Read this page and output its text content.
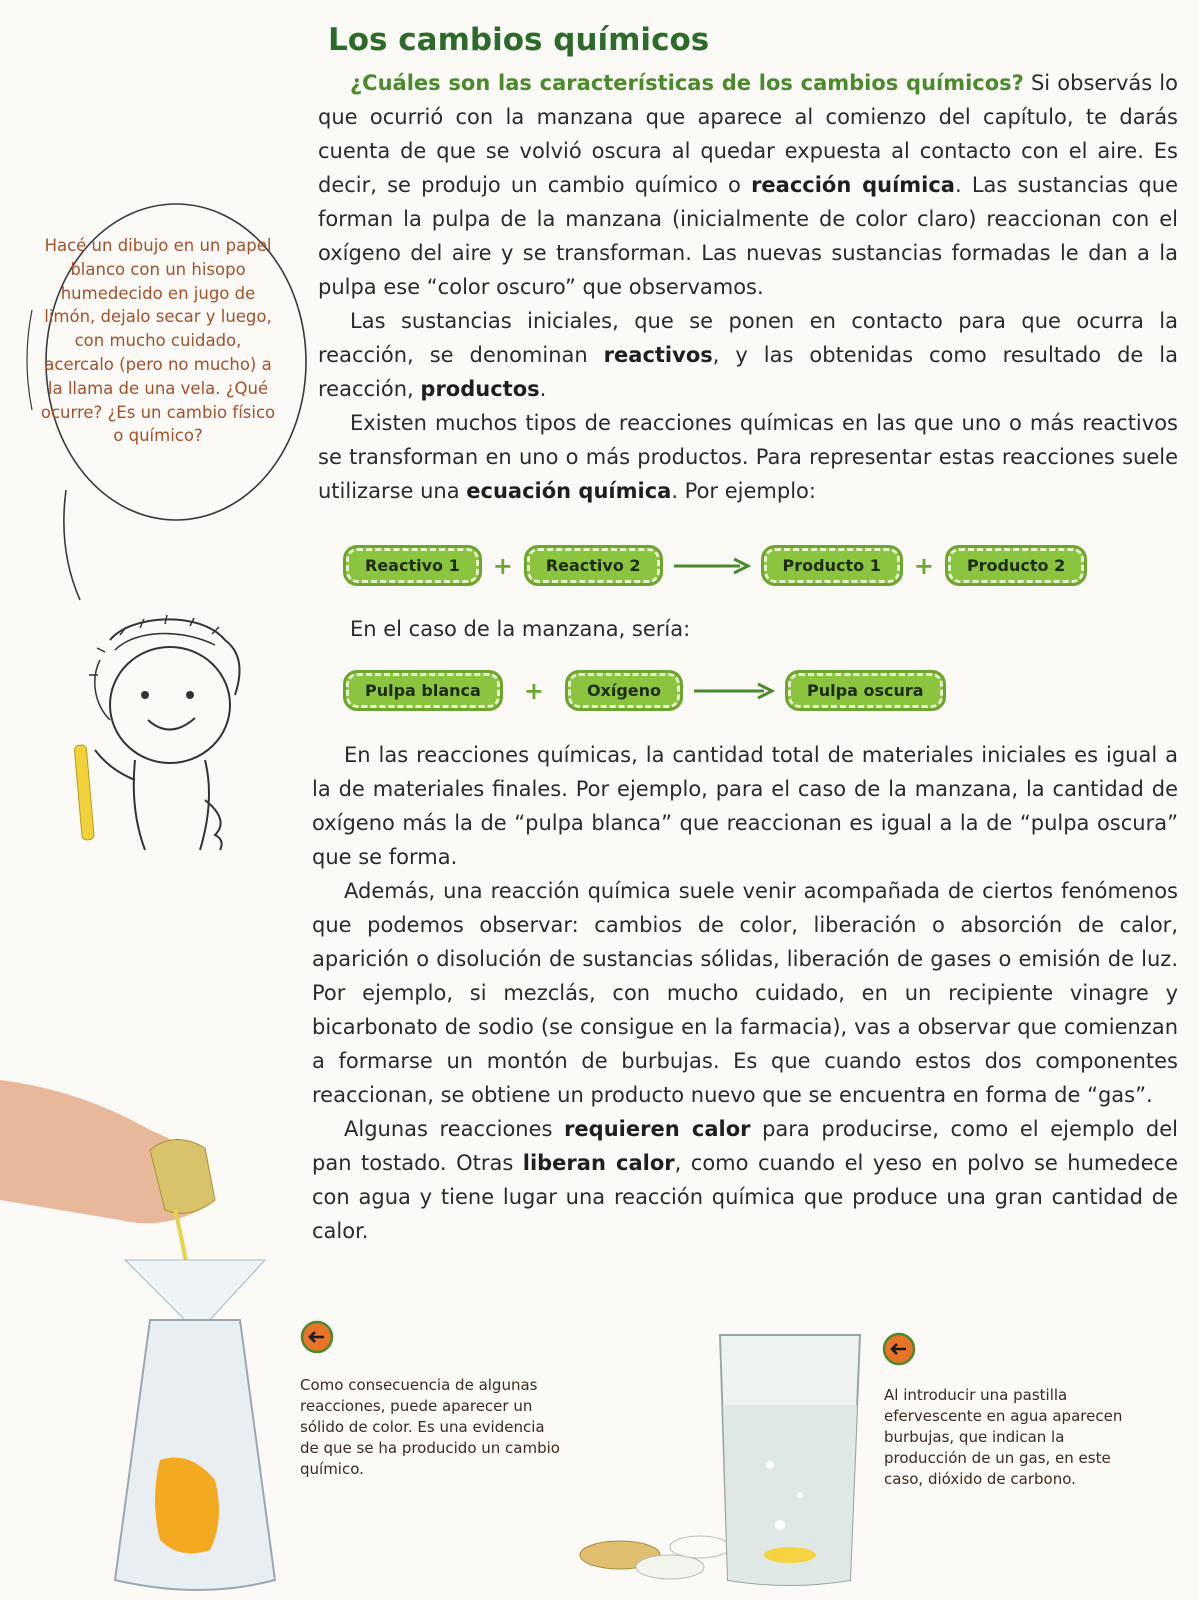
Los cambios químicos

¿Cuáles son las características de los cambios químicos? Si observás lo que ocurrió con la manzana que aparece al comienzo del capítulo, te darás cuenta de que se volvió oscura al quedar expuesta al contacto con el aire. Es decir, se produjo un cambio químico o reacción química. Las sustancias que forman la pulpa de la manzana (inicialmente de color claro) reaccionan con el oxígeno del aire y se transforman. Las nuevas sustancias formadas le dan a la pulpa ese “color oscuro” que observamos.

Las sustancias iniciales, que se ponen en contacto para que ocurra la reacción, se denominan reactivos, y las obtenidas como resultado de la reacción, productos.

Existen muchos tipos de reacciones químicas en las que uno o más reactivos se transforman en uno o más productos. Para representar estas reacciones suele utilizarse una ecuación química. Por ejemplo:

Reactivo 1	+	Reactivo 2	Producto 1	+	Producto 2

En el caso de la manzana, sería:

Pulpa blanca	+	Oxígeno	Pulpa oscura

En las reacciones químicas, la cantidad total de materiales iniciales es igual a la de materiales finales. Por ejemplo, para el caso de la manzana, la cantidad de oxígeno más la de “pulpa blanca” que reaccionan es igual a la de “pulpa oscura” que se forma.

Además, una reacción química suele venir acompañada de ciertos fenómenos que podemos observar: cambios de color, liberación o absorción de calor, aparición o disolución de sustancias sólidas, liberación de gases o emisión de luz. Por ejemplo, si mezclás, con mucho cuidado, en un recipiente vinagre y bicarbonato de sodio (se consigue en la farmacia), vas a observar que comienzan a formarse un montón de burbujas. Es que cuando estos dos componentes reaccionan, se obtiene un producto nuevo que se encuentra en forma de “gas”.

Algunas reacciones requieren calor para producirse, como el ejemplo del pan tostado. Otras liberan calor, como cuando el yeso en polvo se humedece con agua y tiene lugar una reacción química que produce una gran cantidad de calor.

Hacé un dibujo en un papel blanco con un hisopo humedecido en jugo de limón, dejalo secar y luego, con mucho cuidado, acercalo (pero no mucho) a la llama de una vela. ¿Qué ocurre? ¿Es un cambio físico o químico?
Como consecuencia de algunas reacciones, puede aparecer un sólido de color. Es una evidencia de que se ha producido un cambio químico.
Al introducir una pastilla efervescente en agua aparecen burbujas, que indican la producción de un gas, en este caso, dióxido de carbono.
